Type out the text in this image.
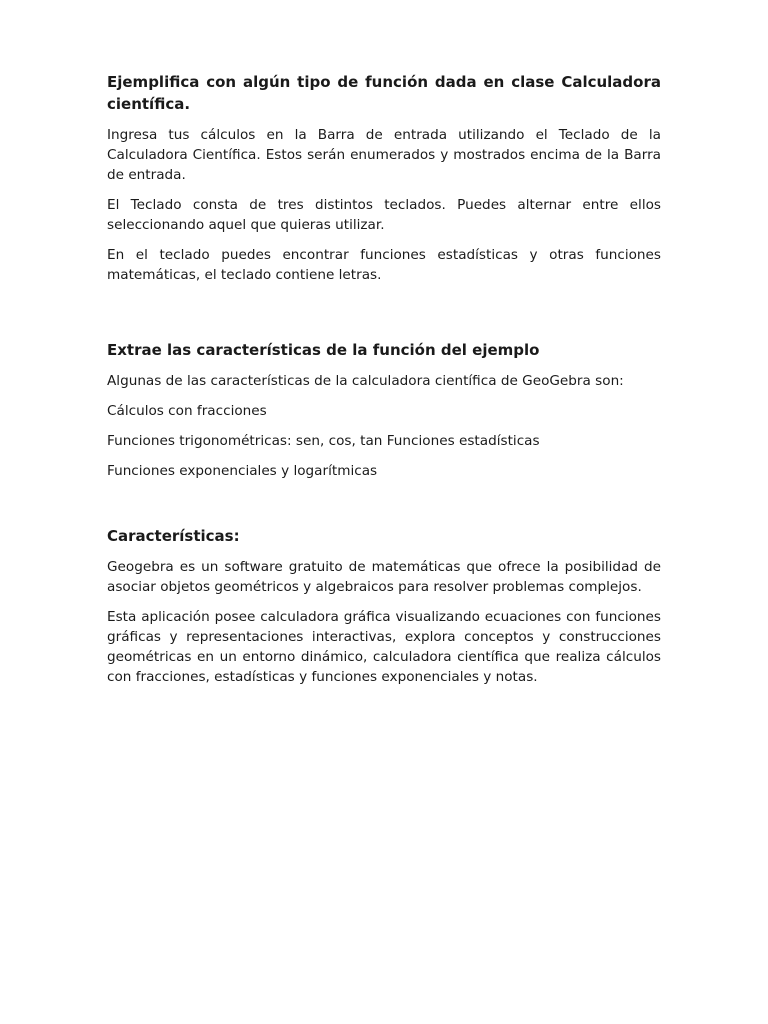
Ejemplifica con algún tipo de función dada en clase Calculadora científica.

Ingresa tus cálculos en la Barra de entrada utilizando el Teclado de la Calculadora Científica. Estos serán enumerados y mostrados encima de la Barra de entrada.

El Teclado consta de tres distintos teclados. Puedes alternar entre ellos seleccionando aquel que quieras utilizar.

En el teclado puedes encontrar funciones estadísticas y otras funciones matemáticas, el teclado contiene letras.

Extrae las características de la función del ejemplo

Algunas de las características de la calculadora científica de GeoGebra son:

Cálculos con fracciones

Funciones trigonométricas: sen, cos, tan Funciones estadísticas

Funciones exponenciales y logarítmicas

Características:

Geogebra es un software gratuito de matemáticas que ofrece la posibilidad de asociar objetos geométricos y algebraicos para resolver problemas complejos.

Esta aplicación posee calculadora gráfica visualizando ecuaciones con funciones gráficas y representaciones interactivas, explora conceptos y construcciones geométricas en un entorno dinámico, calculadora científica que realiza cálculos con fracciones, estadísticas y funciones exponenciales y notas.
